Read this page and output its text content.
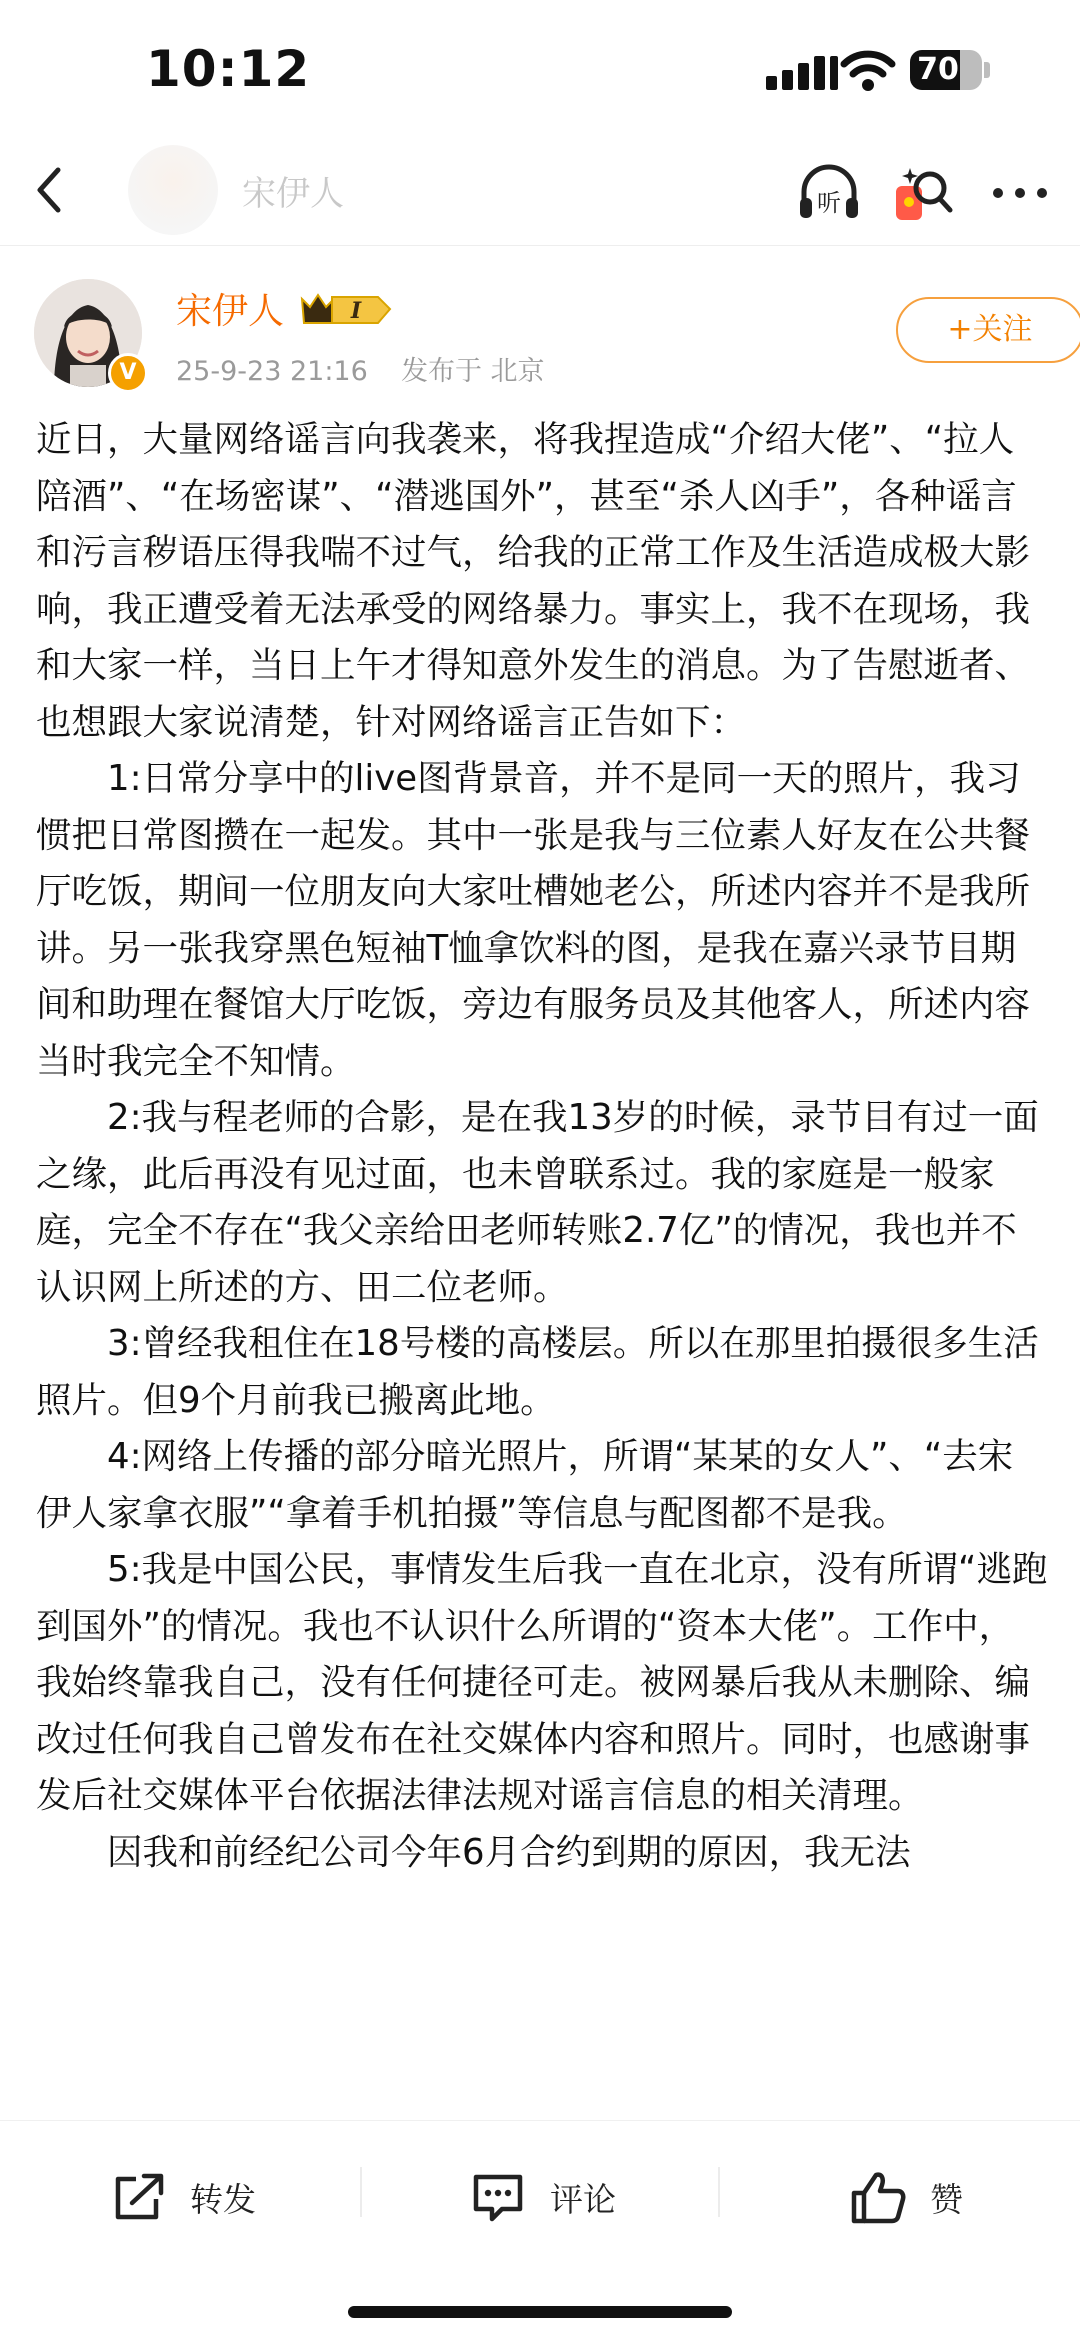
10:12	70
宋伊人	听
V
宋伊人	I
25-9-23 21:16 发布于 北京
+关注

近日，大量网络谣言向我袭来，将我捏造成“介绍大佬”、“拉人陪酒”、“在场密谋”、“潜逃国外”，甚至“杀人凶手”，各种谣言和污言秽语压得我喘不过气，给我的正常工作及生活造成极大影响，我正遭受着无法承受的网络暴力。事实上，我不在现场，我和大家一样，当日上午才得知意外发生的消息。为了告慰逝者、也想跟大家说清楚，针对网络谣言正告如下：

1:日常分享中的live图背景音，并不是同一天的照片，我习惯把日常图攒在一起发。其中一张是我与三位素人好友在公共餐厅吃饭，期间一位朋友向大家吐槽她老公，所述内容并不是我所讲。另一张我穿黑色短袖T恤拿饮料的图，是我在嘉兴录节目期间和助理在餐馆大厅吃饭，旁边有服务员及其他客人，所述内容当时我完全不知情。

2:我与程老师的合影，是在我13岁的时候，录节目有过一面之缘，此后再没有见过面，也未曾联系过。我的家庭是一般家庭，完全不存在“我父亲给田老师转账2.7亿”的情况，我也并不认识网上所述的方、田二位老师。

3:曾经我租住在18号楼的高楼层。所以在那里拍摄很多生活照片。但9个月前我已搬离此地。

4:网络上传播的部分暗光照片，所谓“某某的女人”、“去宋伊人家拿衣服”“拿着手机拍摄”等信息与配图都不是我。

5:我是中国公民，事情发生后我一直在北京，没有所谓“逃跑到国外”的情况。我也不认识什么所谓的“资本大佬”。工作中，我始终靠我自己，没有任何捷径可走。被网暴后我从未删除、编改过任何我自己曾发布在社交媒体内容和照片。同时，也感谢事发后社交媒体平台依据法律法规对谣言信息的相关清理。

因我和前经纪公司今年6月合约到期的原因，我无法

转发	评论	赞
